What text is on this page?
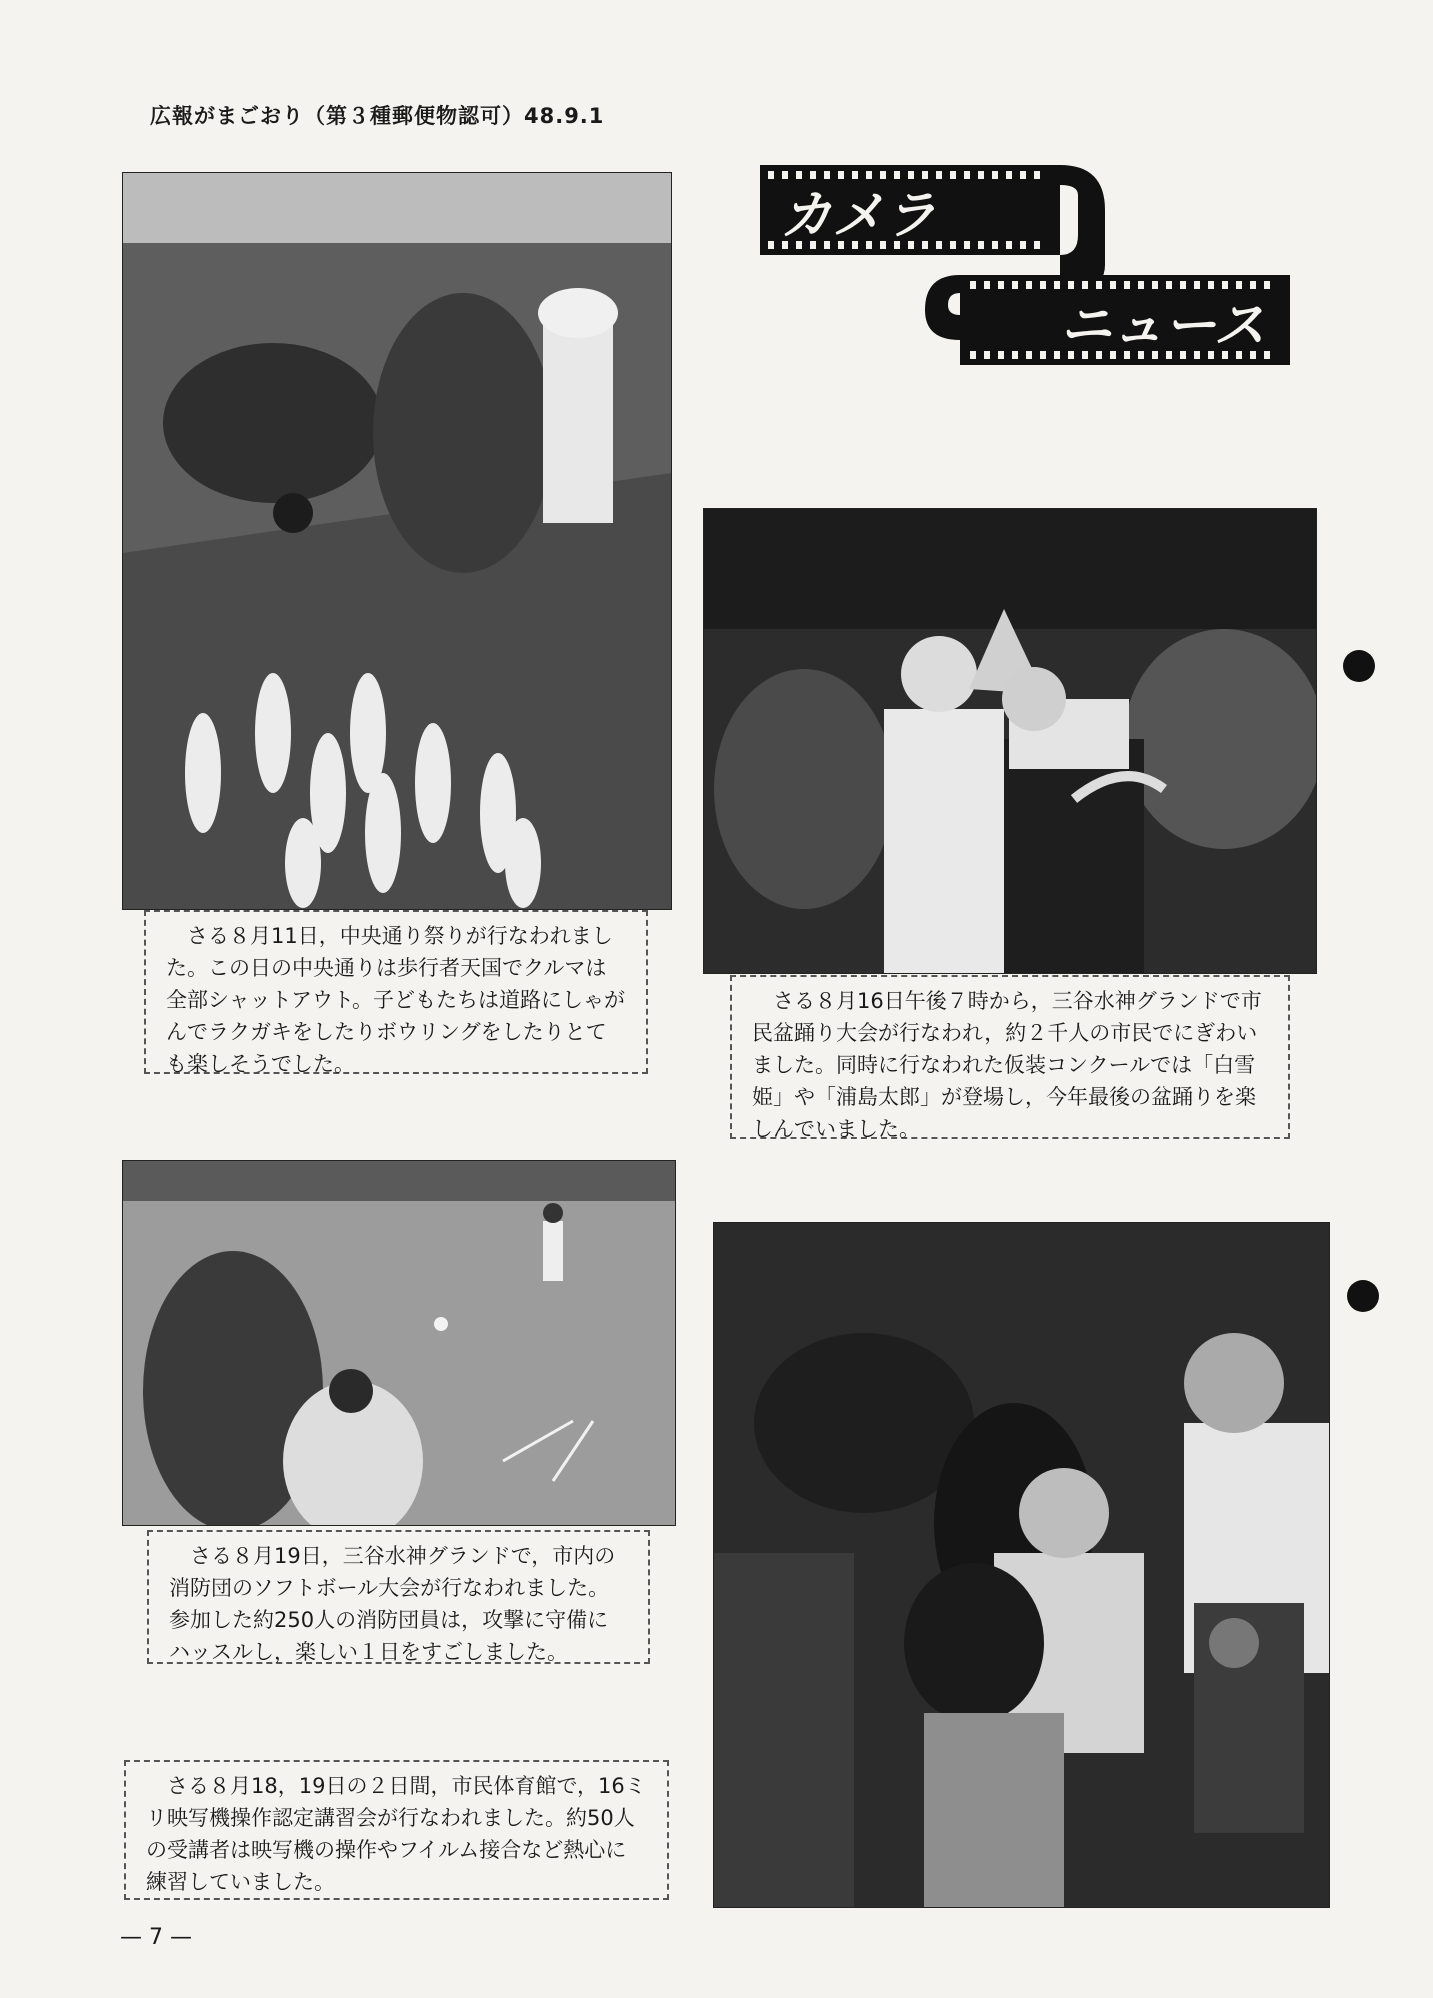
広報がまごおり（第３種郵便物認可）48.9.1
カメラ
ニュース
さる８月11日，中央通り祭りが行なわれました。この日の中央通りは歩行者天国でクルマは全部シャットアウト。子どもたちは道路にしゃがんでラクガキをしたりボウリングをしたりとても楽しそうでした。
さる８月16日午後７時から，三谷水神グランドで市民盆踊り大会が行なわれ，約２千人の市民でにぎわいました。同時に行なわれた仮装コンクールでは「白雪姫」や「浦島太郎」が登場し，今年最後の盆踊りを楽しんでいました。
さる８月19日，三谷水神グランドで，市内の消防団のソフトボール大会が行なわれました。参加した約250人の消防団員は，攻撃に守備にハッスルし，楽しい１日をすごしました。
さる８月18，19日の２日間，市民体育館で，16ミリ映写機操作認定講習会が行なわれました。約50人の受講者は映写機の操作やフイルム接合など熱心に練習していました。
— 7 —
